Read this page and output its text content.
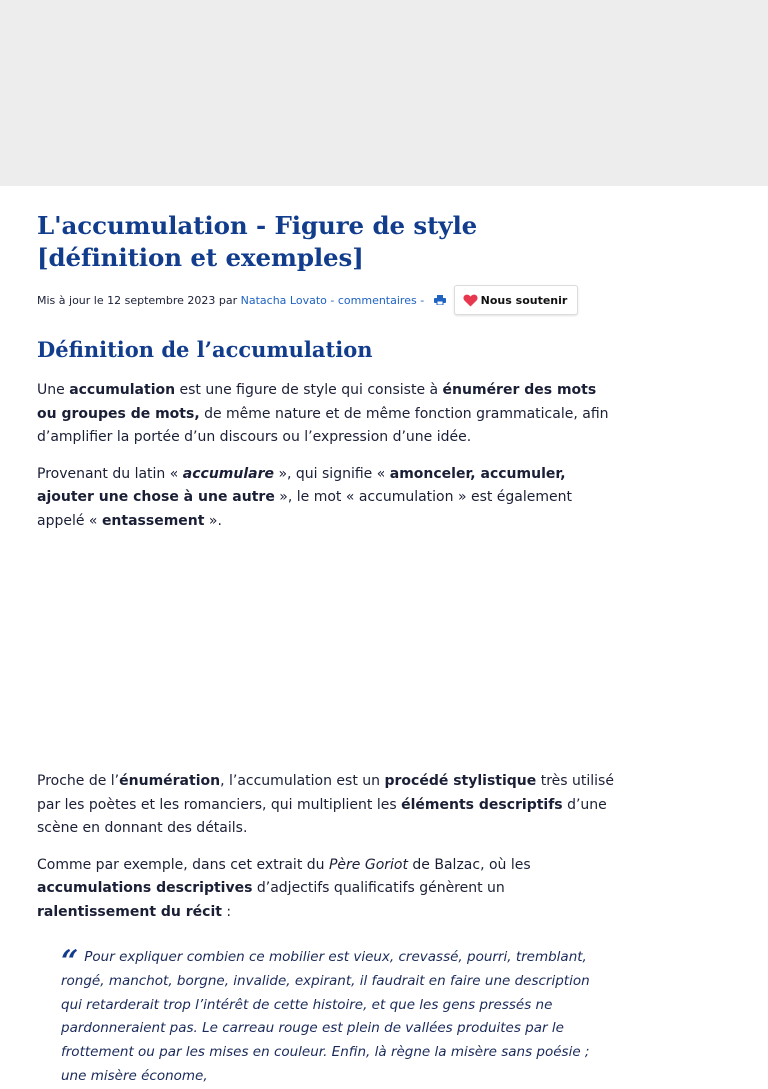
L'accumulation - Figure de style [définition et exemples]
Mis à jour le 12 septembre 2023 par Natacha Lovato - commentaires -	Nous soutenir
Définition de l’accumulation

Une accumulation est une figure de style qui consiste à énumérer des mots ou groupes de mots, de même nature et de même fonction grammaticale, afin d’amplifier la portée d’un discours ou l’expression d’une idée.

Provenant du latin « accumulare », qui signifie « amonceler, accumuler, ajouter une chose à une autre », le mot « accumulation » est également appelé « entassement ».

Proche de l’énumération, l’accumulation est un procédé stylistique très utilisé par les poètes et les romanciers, qui multiplient les éléments descriptifs d’une scène en donnant des détails.

Comme par exemple, dans cet extrait du Père Goriot de Balzac, où les accumulations descriptives d’adjectifs qualificatifs génèrent un ralentissement du récit :

“ Pour expliquer combien ce mobilier est vieux, crevassé, pourri, tremblant, rongé, manchot, borgne, invalide, expirant, il faudrait en faire une description qui retarderait trop l’intérêt de cette histoire, et que les gens pressés ne pardonneraient pas. Le carreau rouge est plein de vallées produites par le frottement ou par les mises en couleur. Enfin, là règne la misère sans poésie ; une misère économe,
